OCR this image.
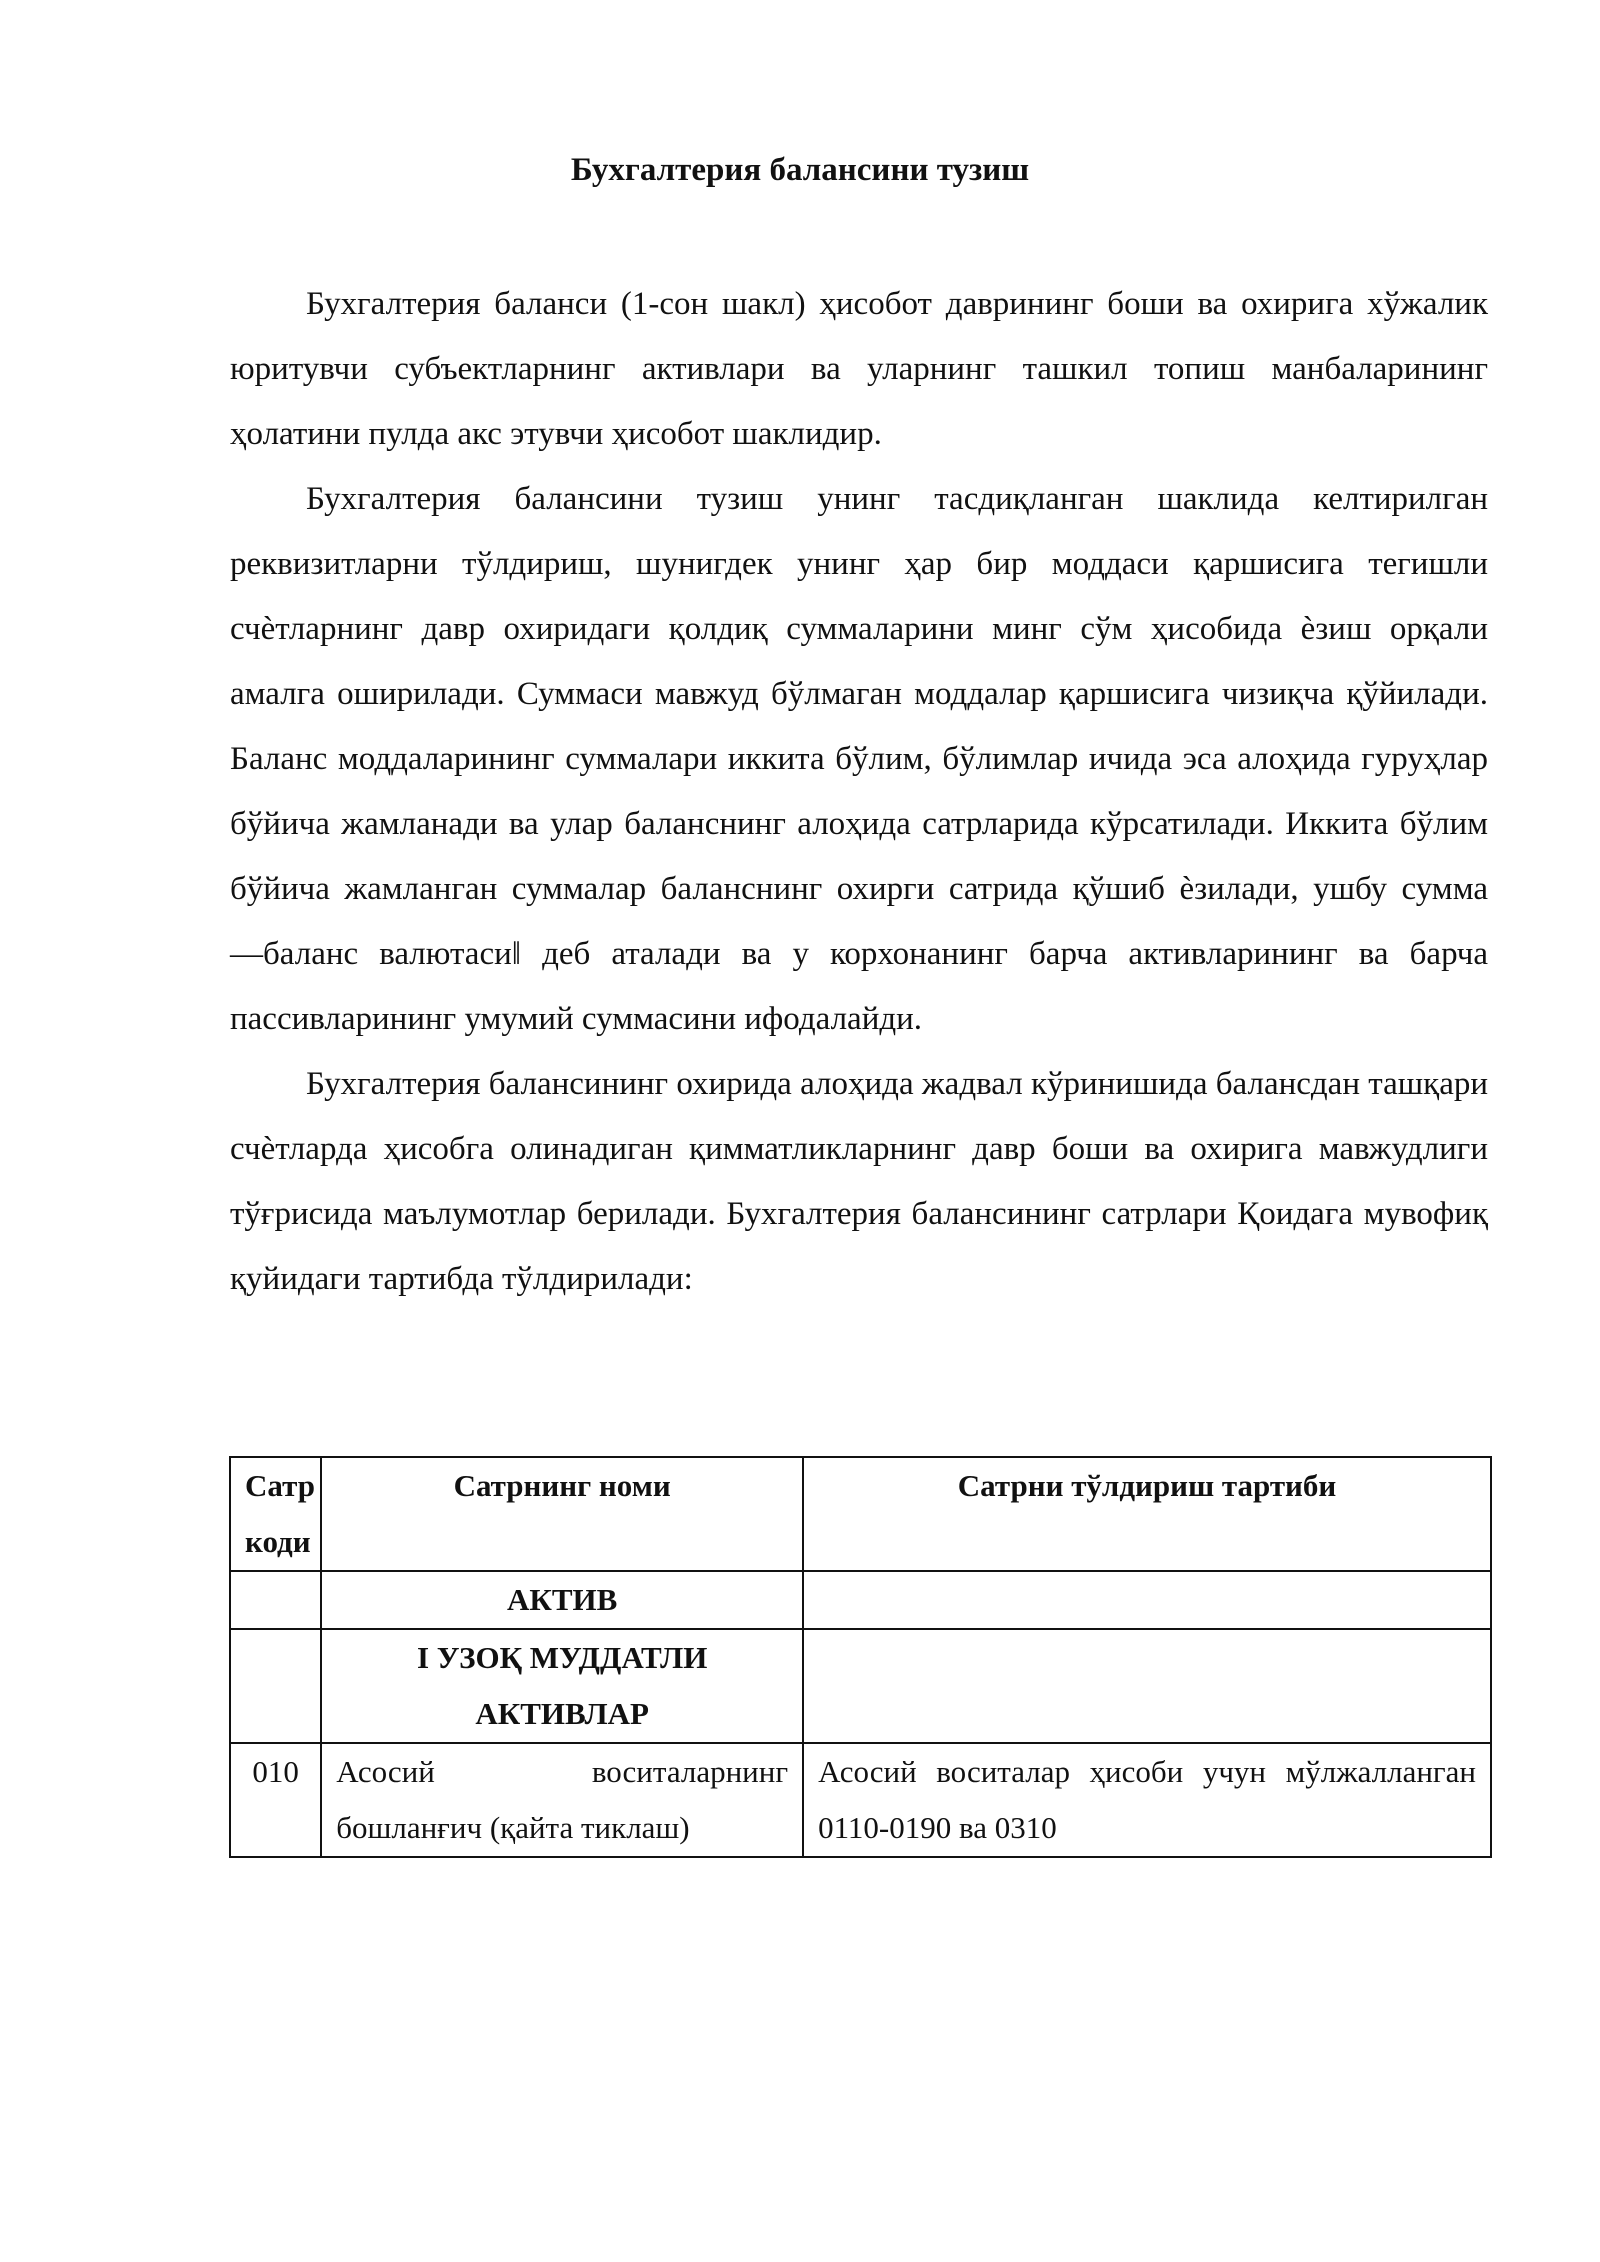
Бухгалтерия балансини тузиш

Бухгалтерия баланси (1-сон шакл) ҳисобот даврининг боши ва охирига хўжалик юритувчи субъектларнинг активлари ва уларнинг ташкил топиш манбаларининг ҳолатини пулда акс этувчи ҳисобот шаклидир.

Бухгалтерия балансини тузиш унинг тасдиқланган шаклида келтирилган реквизитларни тўлдириш, шунигдек унинг ҳар бир моддаси қаршисига тегишли счѐтларнинг давр охиридаги қолдиқ суммаларини минг сўм ҳисобида ѐзиш орқали амалга оширилади. Суммаси мавжуд бўлмаган моддалар қаршисига чизиқча қўйилади. Баланс моддаларининг суммалари иккита бўлим, бўлимлар ичида эса алоҳида гуруҳлар бўйича жамланади ва улар баланснинг алоҳида сатрларида кўрсатилади. Иккита бўлим бўйича жамланган суммалар баланснинг охирги сатрида қўшиб ѐзилади, ушбу сумма ―баланс валютаси‖ деб аталади ва у корхонанинг барча активларининг ва барча пассивларининг умумий суммасини ифодалайди.

Бухгалтерия балансининг охирида алоҳида жадвал кўринишида балансдан ташқари счѐтларда ҳисобга олинадиган қимматликларнинг давр боши ва охирига мавжудлиги тўғрисида маълумотлар берилади. Бухгалтерия балансининг сатрлари Қоидага мувофиқ қуйидаги тартибда тўлдирилади:

Сатр коди	Сатрнинг номи	Сатрни тўлдириш тартиби
	АКТИВ	
	I УЗОҚ МУДДАТЛИ АКТИВЛАР	
010	Асосий воситаларнинг бошланғич (қайта тиклаш)	Асосий воситалар ҳисоби учун мўлжалланган 0110-0190 ва 0310
